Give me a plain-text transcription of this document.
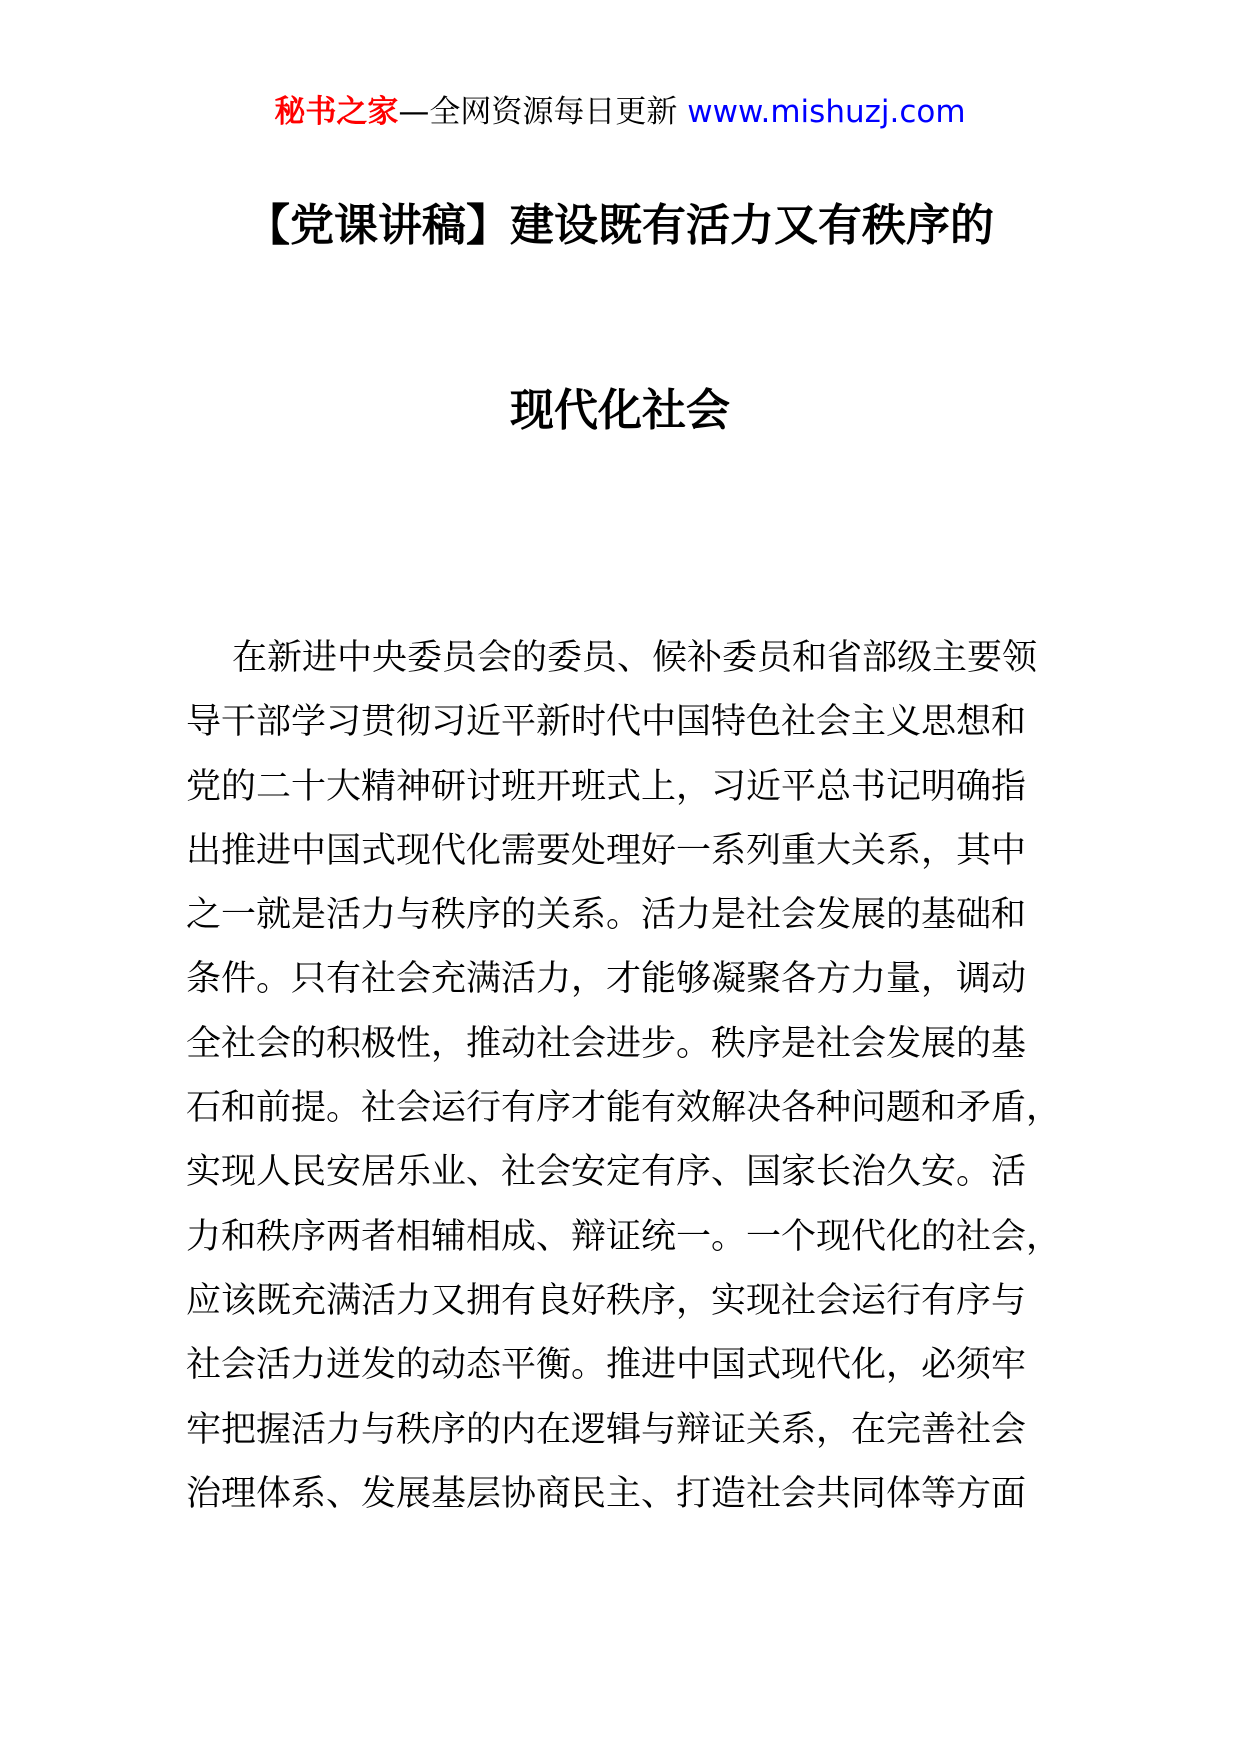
秘书之家—全网资源每日更新 www.mishuzj.com
【党课讲稿】建设既有活力又有秩序的
现代化社会
在新进中央委员会的委员、候补委员和省部级主要领
导干部学习贯彻习近平新时代中国特色社会主义思想和
党的二十大精神研讨班开班式上，习近平总书记明确指
出推进中国式现代化需要处理好一系列重大关系，其中
之一就是活力与秩序的关系。活力是社会发展的基础和
条件。只有社会充满活力，才能够凝聚各方力量，调动
全社会的积极性，推动社会进步。秩序是社会发展的基
石和前提。社会运行有序才能有效解决各种问题和矛盾，
实现人民安居乐业、社会安定有序、国家长治久安。活
力和秩序两者相辅相成、辩证统一。一个现代化的社会，
应该既充满活力又拥有良好秩序，实现社会运行有序与
社会活力迸发的动态平衡。推进中国式现代化，必须牢
牢把握活力与秩序的内在逻辑与辩证关系，在完善社会
治理体系、发展基层协商民主、打造社会共同体等方面
